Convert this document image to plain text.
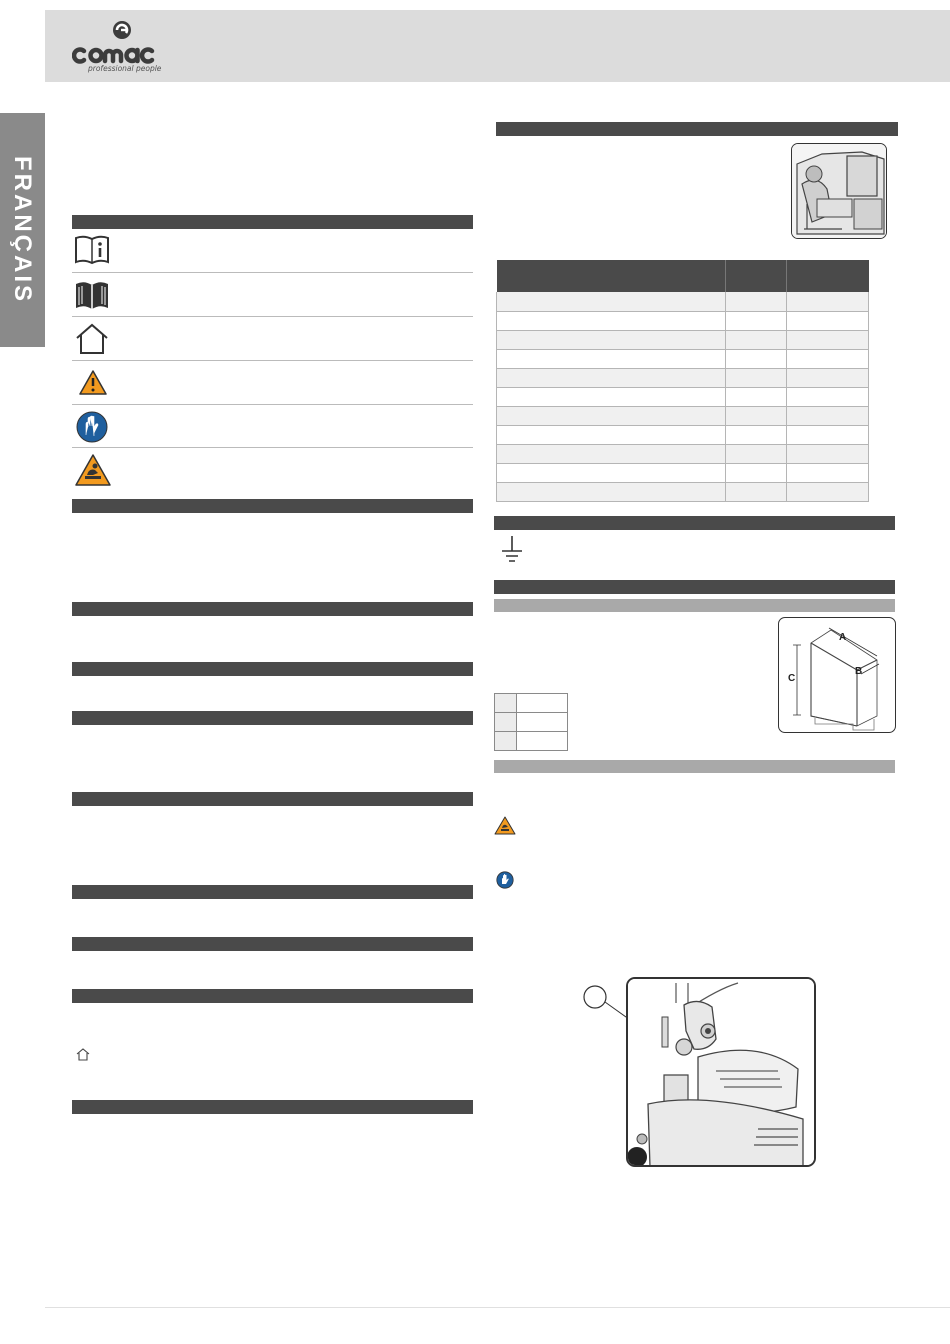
professional people
FRANÇAIS

A
B
C
